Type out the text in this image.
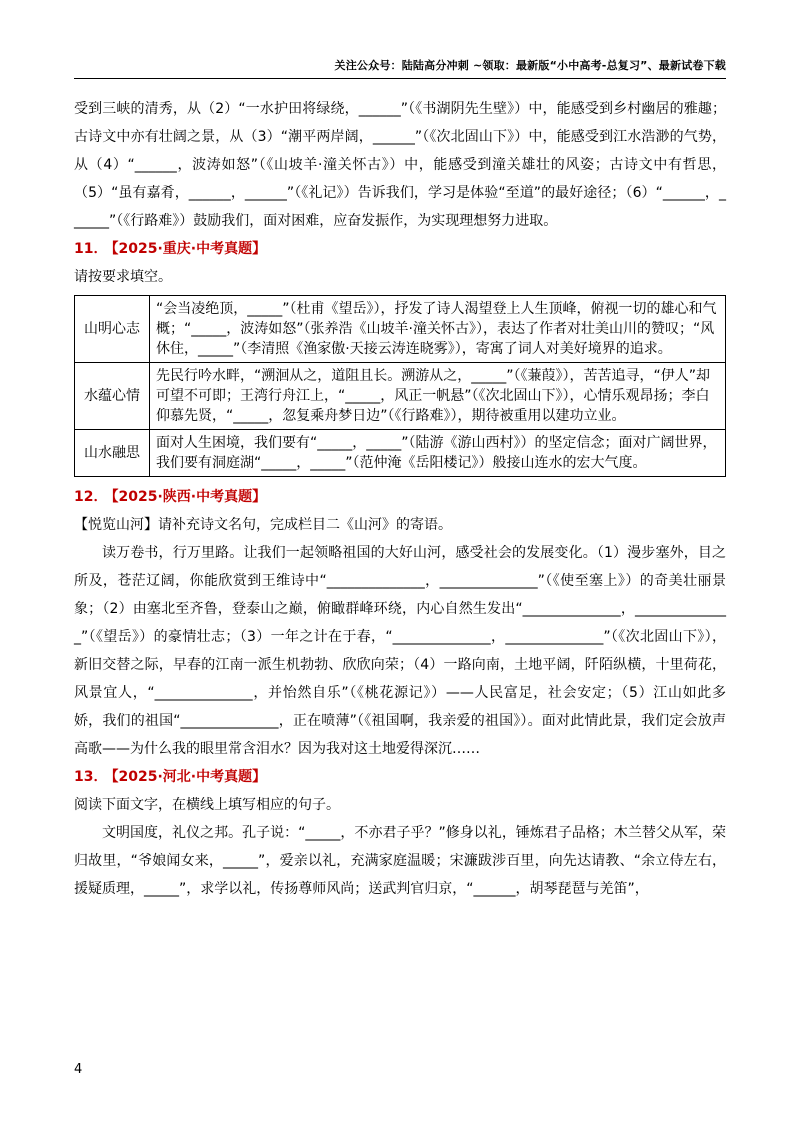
关注公众号：陆陆高分冲刺 ~领取：最新版“小中高考-总复习”、最新试卷下载

受到三峡的清秀，从（2）“一水护田将绿绕，______”（《书湖阴先生壁》）中，能感受到乡村幽居的雅趣；古诗文中亦有壮阔之景，从（3）“潮平两岸阔，______”（《次北固山下》）中，能感受到江水浩渺的气势，从（4）“______，波涛如怒”（《山坡羊·潼关怀古》）中，能感受到潼关雄壮的风姿；古诗文中有哲思，（5）“虽有嘉肴，______，______”（《礼记》）告诉我们，学习是体验“至道”的最好途径；（6）“______，______”（《行路难》）鼓励我们，面对困难，应奋发振作，为实现理想努力进取。

11． 【2025·重庆·中考真题】

请按要求填空。

山明心志	“会当凌绝顶，_____”（杜甫《望岳》），抒发了诗人渴望登上人生顶峰，俯视一切的雄心和气概；“_____，波涛如怒”（张养浩《山坡羊·潼关怀古》），表达了作者对壮美山川的赞叹；“风休住，_____”（李清照《渔家傲·天接云涛连晓雾》），寄寓了词人对美好境界的追求。
水蕴心情	先民行吟水畔，“溯洄从之，道阻且长。溯游从之，_____”（《蒹葭》），苦苦追寻，“伊人”却可望不可即；王湾行舟江上，“_____，风正一帆悬”（《次北固山下》），心情乐观昂扬；李白仰慕先贤，“_____，忽复乘舟梦日边”（《行路难》），期待被重用以建功立业。
山水融思	面对人生困境，我们要有“_____，_____”（陆游《游山西村》）的坚定信念；面对广阔世界，我们要有洞庭湖“_____，_____”（范仲淹《岳阳楼记》）般接山连水的宏大气度。

12． 【2025·陕西·中考真题】

【悦览山河】请补充诗文名句，完成栏目二《山河》的寄语。

读万卷书，行万里路。让我们一起领略祖国的大好山河，感受社会的发展变化。（1）漫步塞外，目之所及，苍茫辽阔，你能欣赏到王维诗中“______________，______________”（《使至塞上》）的奇美壮丽景象；（2）由塞北至齐鲁，登泰山之巅，俯瞰群峰环绕，内心自然生发出“______________，______________”（《望岳》）的豪情壮志；（3）一年之计在于春，“______________，______________”（《次北固山下》），新旧交替之际，早春的江南一派生机勃勃、欣欣向荣；（4）一路向南，土地平阔，阡陌纵横，十里荷花，风景宜人，“______________，并怡然自乐”（《桃花源记》）——人民富足，社会安定；（5）江山如此多娇，我们的祖国“______________，正在喷薄”（《祖国啊，我亲爱的祖国》）。面对此情此景，我们定会放声高歌——为什么我的眼里常含泪水？因为我对这土地爱得深沉……

13． 【2025·河北·中考真题】

阅读下面文字，在横线上填写相应的句子。

文明国度，礼仪之邦。孔子说：“_____，不亦君子乎？”修身以礼，锤炼君子品格；木兰替父从军，荣归故里，“爷娘闻女来，_____”，爱亲以礼，充满家庭温暖；宋濂跋涉百里，向先达请教、“余立侍左右，援疑质理，_____”，求学以礼，传扬尊师风尚；送武判官归京，“______，胡琴琵琶与羌笛”，

4
